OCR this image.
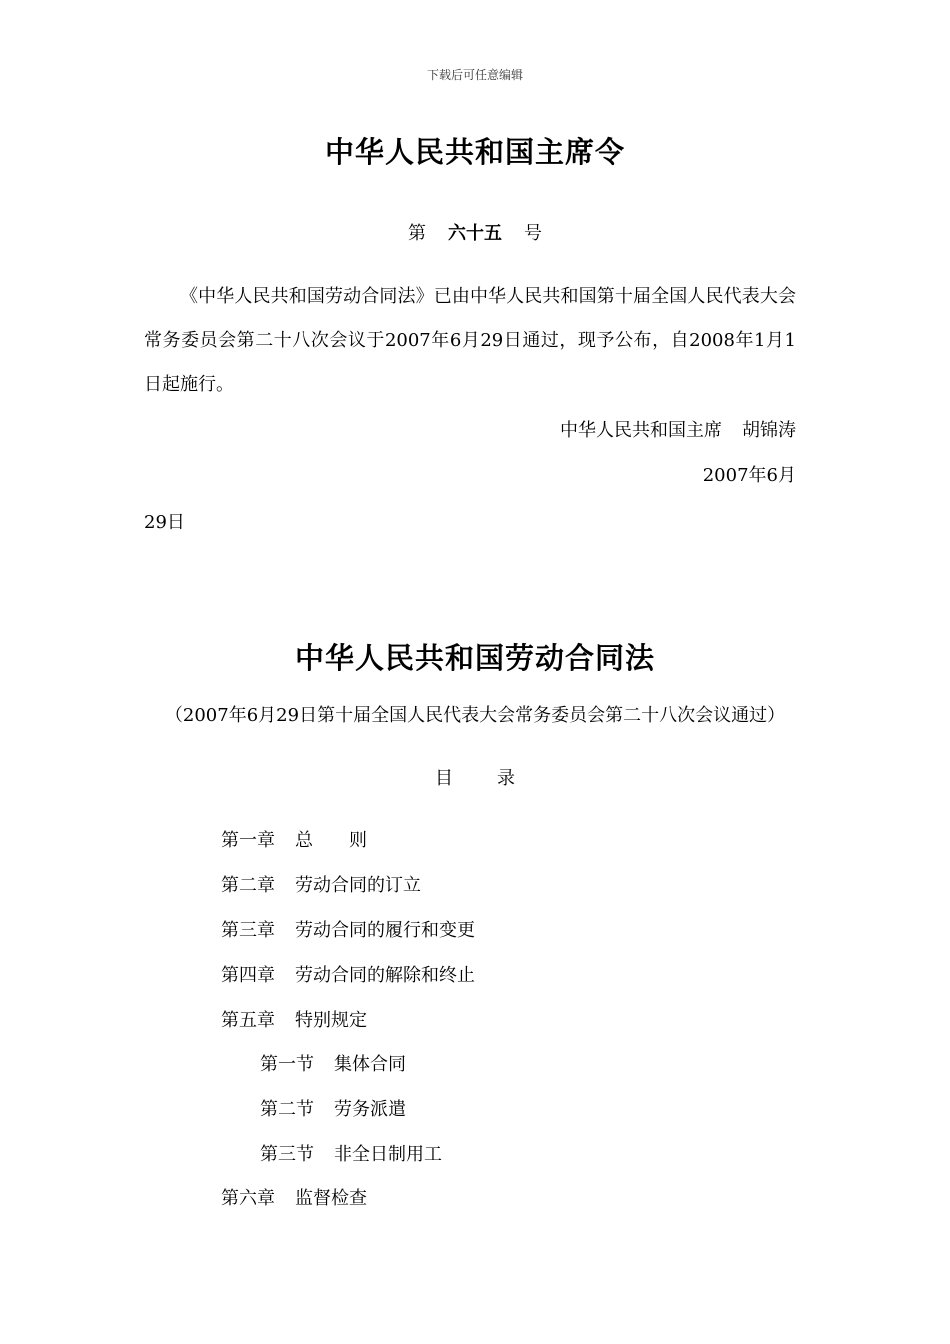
下载后可任意编辑
中华人民共和国主席令
第 六十五 号
《中华人民共和国劳动合同法》已由中华人民共和国第十届全国人民代表大会常务委员会第二十八次会议于2007年6月29日通过，现予公布，自2008年1月1日起施行。
中华人民共和国主席 胡锦涛
2007年6月
29日
中华人民共和国劳动合同法
（2007年6月29日第十届全国人民代表大会常务委员会第二十八次会议通过）
目 录
第一章 总　　则
第二章 劳动合同的订立
第三章 劳动合同的履行和变更
第四章 劳动合同的解除和终止
第五章 特别规定
第一节 集体合同
第二节 劳务派遣
第三节 非全日制用工
第六章 监督检查
